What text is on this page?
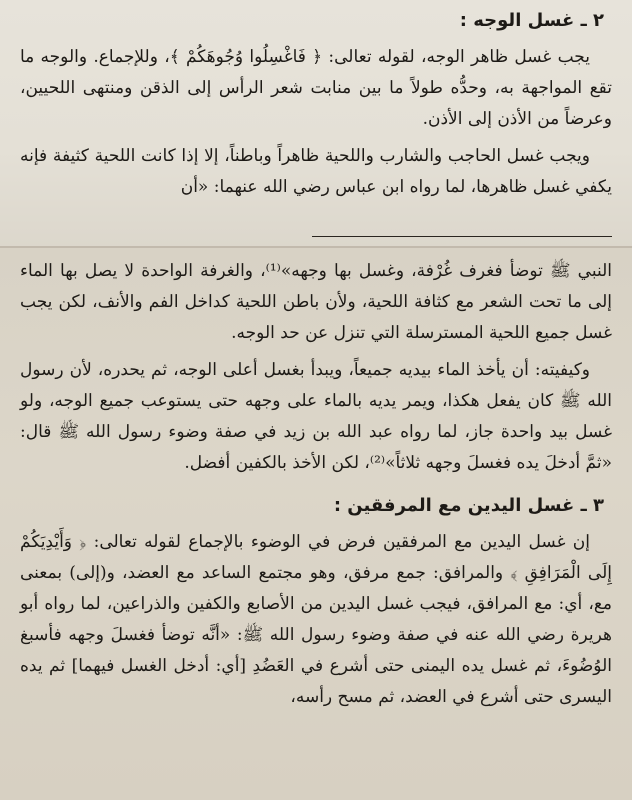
٢ ـ غسل الوجه :

يجب غسل ظاهر الوجه، لقوله تعالى: ﴿ فَاغْسِلُوا وُجُوهَكُمْ ﴾، وللإجماع. والوجه ما تقع المواجهة به، وحدُّه طولاً ما بين منابت شعر الرأس إلى الذقن ومنتهى اللحيين، وعرضاً من الأذن إلى الأذن.

ويجب غسل الحاجب والشارب واللحية ظاهراً وباطناً، إلا إذا كانت اللحية كثيفة فإنه يكفي غسل ظاهرها، لما رواه ابن عباس رضي الله عنهما: «أن

النبي ﷺ توضأ فغرف غُرْفة، وغسل بها وجهه»⁽¹⁾، والغرفة الواحدة لا يصل بها الماء إلى ما تحت الشعر مع كثافة اللحية، ولأن باطن اللحية كداخل الفم والأنف، لكن يجب غسل جميع اللحية المسترسلة التي تنزل عن حد الوجه.

وكيفيته: أن يأخذ الماء بيديه جميعاً، ويبدأ بغسل أعلى الوجه، ثم يحدره، لأن رسول الله ﷺ كان يفعل هكذا، ويمر يديه بالماء على وجهه حتى يستوعب جميع الوجه، ولو غسل بيد واحدة جاز، لما رواه عبد الله بن زيد في صفة وضوء رسول الله ﷺ قال: «ثمَّ أدخلَ يده فغسلَ وجهه ثلاثاً»⁽²⁾، لكن الأخذ بالكفين أفضل.

٣ ـ غسل اليدين مع المرفقين :

إن غسل اليدين مع المرفقين فرض في الوضوء بالإجماع لقوله تعالى: ﴿ وَأَيْدِيَكُمْ إِلَى الْمَرَافِقِ ﴾ والمرافق: جمع مرفق، وهو مجتمع الساعد مع العضد، و(إلى) بمعنى مع، أي: مع المرافق، فيجب غسل اليدين من الأصابع والكفين والذراعين، لما رواه أبو هريرة رضي الله عنه في صفة وضوء رسول الله ﷺ: «أنَّه توضأ فغسلَ وجهه فأسبغ الوُضُوءَ، ثم غسل يده اليمنى حتى أشرع في العَضُدِ [أي: أدخل الغسل فيهما] ثم يده اليسرى حتى أشرع في العضد، ثم مسح رأسه،
